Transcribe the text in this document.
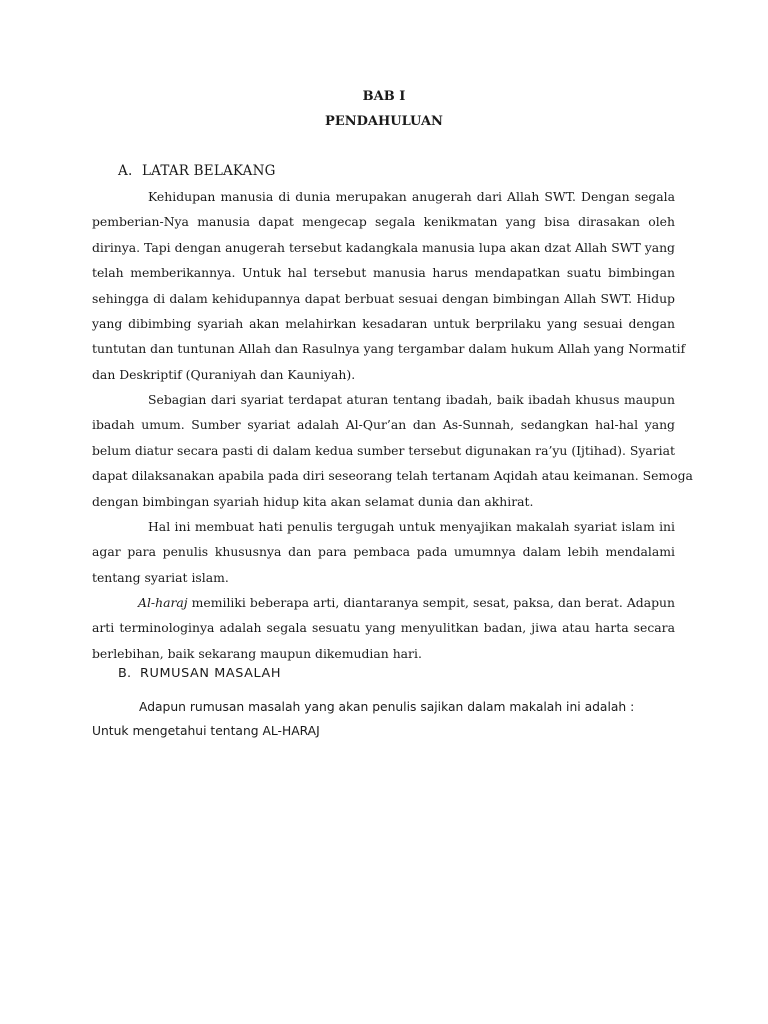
BAB I
PENDAHULUAN
A. LATAR BELAKANG
Kehidupan manusia di dunia merupakan anugerah dari Allah SWT. Dengan segala
pemberian-Nya manusia dapat mengecap segala kenikmatan yang bisa dirasakan oleh
dirinya. Tapi dengan anugerah tersebut kadangkala manusia lupa akan dzat Allah SWT yang
telah memberikannya. Untuk hal tersebut manusia harus mendapatkan suatu bimbingan
sehingga di dalam kehidupannya dapat berbuat sesuai dengan bimbingan Allah SWT. Hidup
yang dibimbing syariah akan melahirkan kesadaran untuk berprilaku yang sesuai dengan
tuntutan dan tuntunan Allah dan Rasulnya yang tergambar dalam hukum Allah yang Normatif
dan Deskriptif (Quraniyah dan Kauniyah).
Sebagian dari syariat terdapat aturan tentang ibadah, baik ibadah khusus maupun
ibadah umum. Sumber syariat adalah Al-Qur’an dan As-Sunnah, sedangkan hal-hal yang
belum diatur secara pasti di dalam kedua sumber tersebut digunakan ra’yu (Ijtihad). Syariat
dapat dilaksanakan apabila pada diri seseorang telah tertanam Aqidah atau keimanan. Semoga
dengan bimbingan syariah hidup kita akan selamat dunia dan akhirat.
Hal ini membuat hati penulis tergugah untuk menyajikan makalah syariat islam ini
agar para penulis khususnya dan para pembaca pada umumnya dalam lebih mendalami
tentang syariat islam.
Al-haraj memiliki beberapa arti, diantaranya sempit, sesat, paksa, dan berat. Adapun
arti terminologinya adalah segala sesuatu yang menyulitkan badan, jiwa atau harta secara
berlebihan, baik sekarang maupun dikemudian hari.
B. RUMUSAN MASALAH
Adapun rumusan masalah yang akan penulis sajikan dalam makalah ini adalah :
Untuk mengetahui tentang AL-HARAJ
